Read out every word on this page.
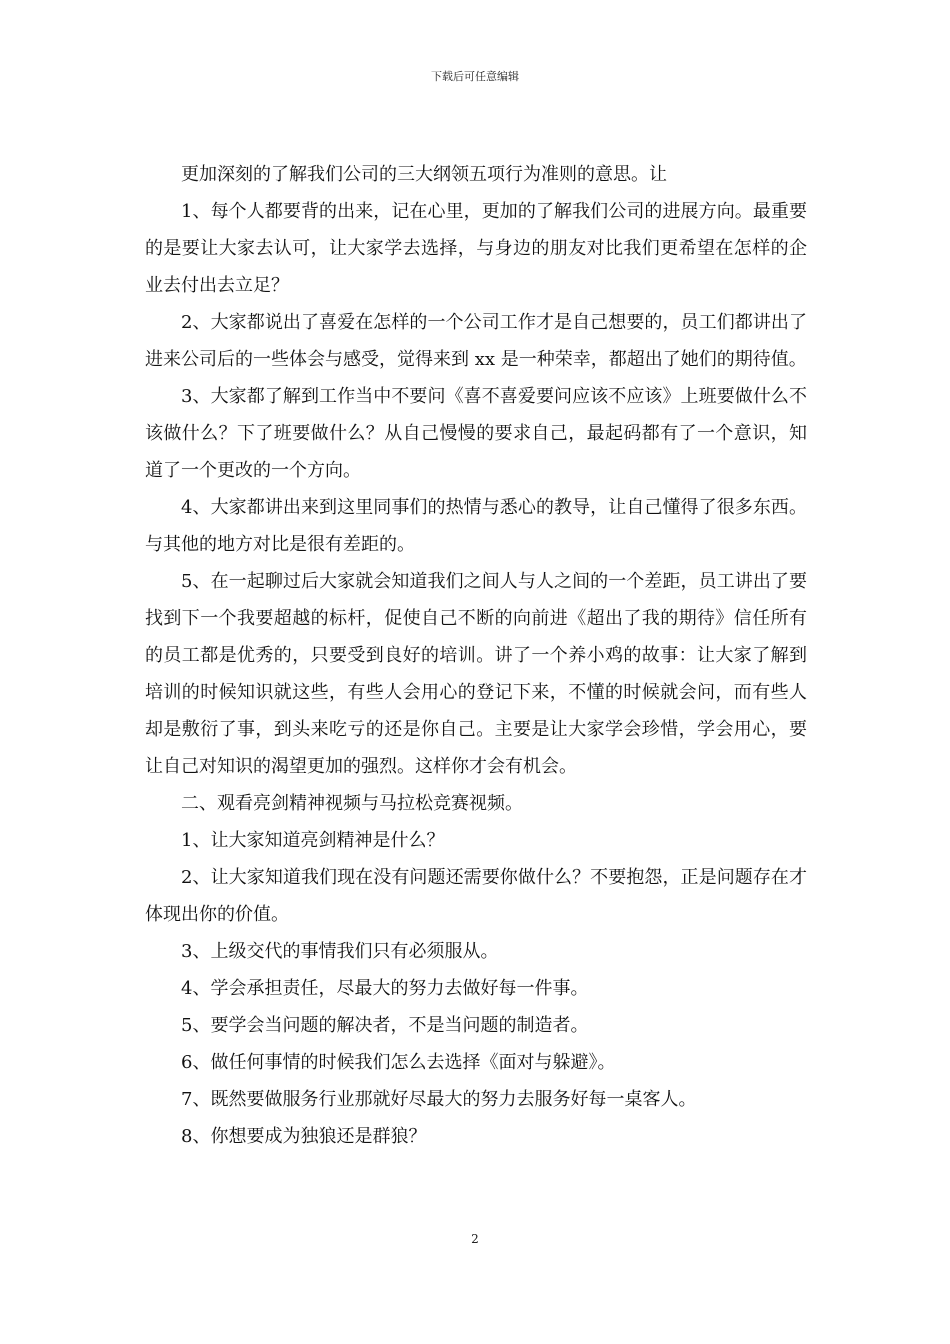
下载后可任意编辑

更加深刻的了解我们公司的三大纲领五项行为准则的意思。让

1、每个人都要背的出来，记在心里，更加的了解我们公司的进展方向。最重要的是要让大家去认可，让大家学去选择，与身边的朋友对比我们更希望在怎样的企业去付出去立足？

2、大家都说出了喜爱在怎样的一个公司工作才是自己想要的，员工们都讲出了进来公司后的一些体会与感受，觉得来到 xx 是一种荣幸，都超出了她们的期待值。

3、大家都了解到工作当中不要问《喜不喜爱要问应该不应该》上班要做什么不该做什么？下了班要做什么？从自己慢慢的要求自己，最起码都有了一个意识，知道了一个更改的一个方向。

4、大家都讲出来到这里同事们的热情与悉心的教导，让自己懂得了很多东西。与其他的地方对比是很有差距的。

5、在一起聊过后大家就会知道我们之间人与人之间的一个差距，员工讲出了要找到下一个我要超越的标杆，促使自己不断的向前进《超出了我的期待》信任所有的员工都是优秀的，只要受到良好的培训。讲了一个养小鸡的故事：让大家了解到培训的时候知识就这些，有些人会用心的登记下来，不懂的时候就会问，而有些人却是敷衍了事，到头来吃亏的还是你自己。主要是让大家学会珍惜，学会用心，要让自己对知识的渴望更加的强烈。这样你才会有机会。

二、观看亮剑精神视频与马拉松竞赛视频。

1、让大家知道亮剑精神是什么？

2、让大家知道我们现在没有问题还需要你做什么？不要抱怨，正是问题存在才体现出你的价值。

3、上级交代的事情我们只有必须服从。

4、学会承担责任，尽最大的努力去做好每一件事。

5、要学会当问题的解决者，不是当问题的制造者。

6、做任何事情的时候我们怎么去选择《面对与躲避》。

7、既然要做服务行业那就好尽最大的努力去服务好每一桌客人。

8、你想要成为独狼还是群狼？

2
